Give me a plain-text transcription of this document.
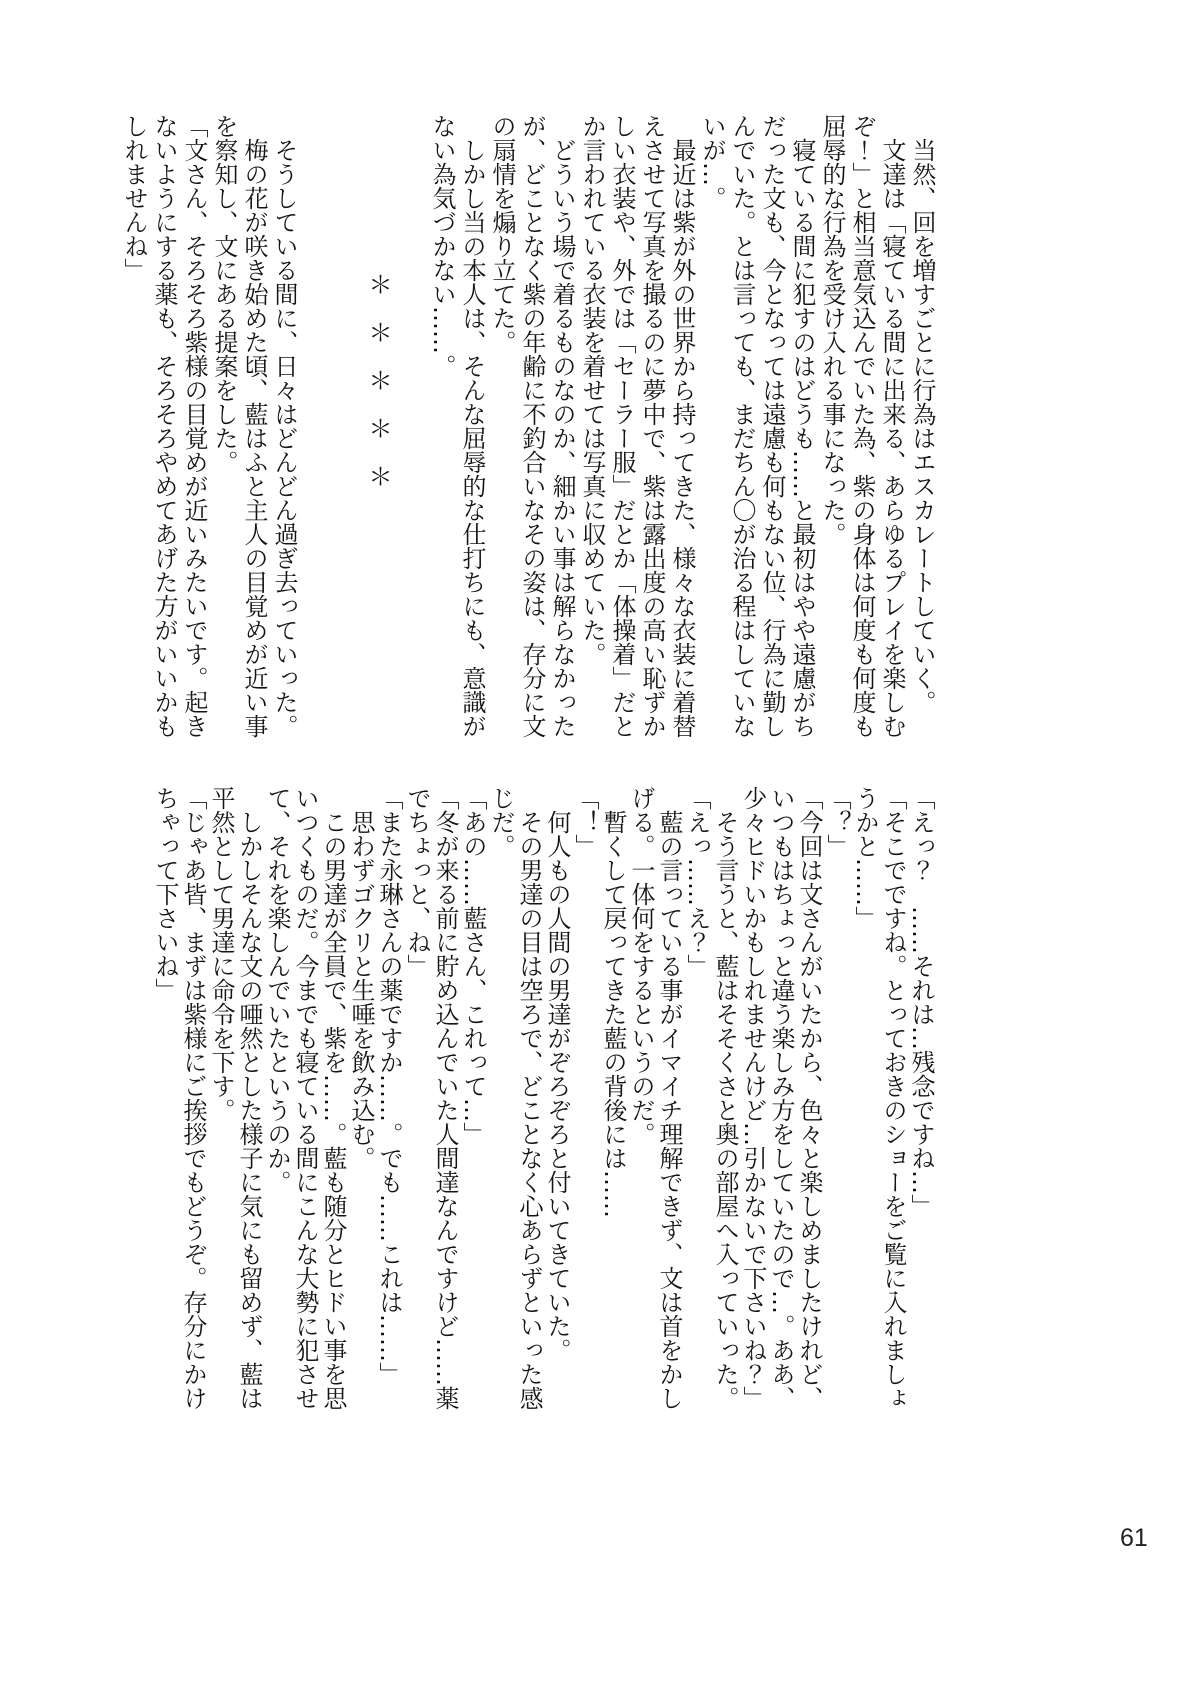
当然、回を増すごとに行為はエスカレートしていく。

文達は「寝ている間に出来る、あらゆるプレイを楽しむぞ！」と相当意気込んでいた為、紫の身体は何度も何度も屈辱的な行為を受け入れる事になった。

寝ている間に犯すのはどうも……と最初はやや遠慮がちだった文も、今となっては遠慮も何もない位、行為に勤しんでいた。とは言っても、まだちん〇が治る程はしていないが…。

最近は紫が外の世界から持ってきた、様々な衣装に着替えさせて写真を撮るのに夢中で、紫は露出度の高い恥ずかしい衣装や、外では「セーラー服」だとか「体操着」だとか言われている衣装を着せては写真に収めていた。

どういう場で着るものなのか、細かい事は解らなかったが、どことなく紫の年齢に不釣合いなその姿は、存分に文の扇情を煽り立てた。

しかし当の本人は、そんな屈辱的な仕打ちにも、意識がない為気づかない……。

＊　＊　＊　＊　＊

そうしている間に、日々はどんどん過ぎ去っていった。

梅の花が咲き始めた頃、藍はふと主人の目覚めが近い事を察知し、文にある提案をした。

「文さん、そろそろ紫様の目覚めが近いみたいです。起きないようにする薬も、そろそろやめてあげた方がいいかもしれませんね」

「えっ？　……それは…残念ですね…」

「そこでですね。とっておきのショーをご覧に入れましょうかと……」

「？」

「今回は文さんがいたから、色々と楽しめましたけれど、いつもはちょっと違う楽しみ方をしていたので…。ああ、少々ヒドいかもしれませんけど…引かないで下さいね？」

そう言うと、藍はそそくさと奥の部屋へ入っていった。

「えっ……え？」

藍の言っている事がイマイチ理解できず、文は首をかしげる。一体何をするというのだ。

暫くして戻ってきた藍の背後には……

「！」

何人もの人間の男達がぞろぞろと付いてきていた。

その男達の目は空ろで、どことなく心あらずといった感じだ。

「あの……藍さん、これって…」

「冬が来る前に貯め込んでいた人間達なんですけど……薬でちょっと、ね」

「また永琳さんの薬ですか……。でも……これは……」

思わずゴクリと生唾を飲み込む。

この男達が全員で、紫を……。藍も随分とヒドい事を思いつくものだ。今までも寝ている間にこんな大勢に犯させて、それを楽しんでいたというのか。

しかしそんな文の唖然とした様子に気にも留めず、藍は平然として男達に命令を下す。

「じゃあ皆、まずは紫様にご挨拶でもどうぞ。存分にかけちゃって下さいね」

61
